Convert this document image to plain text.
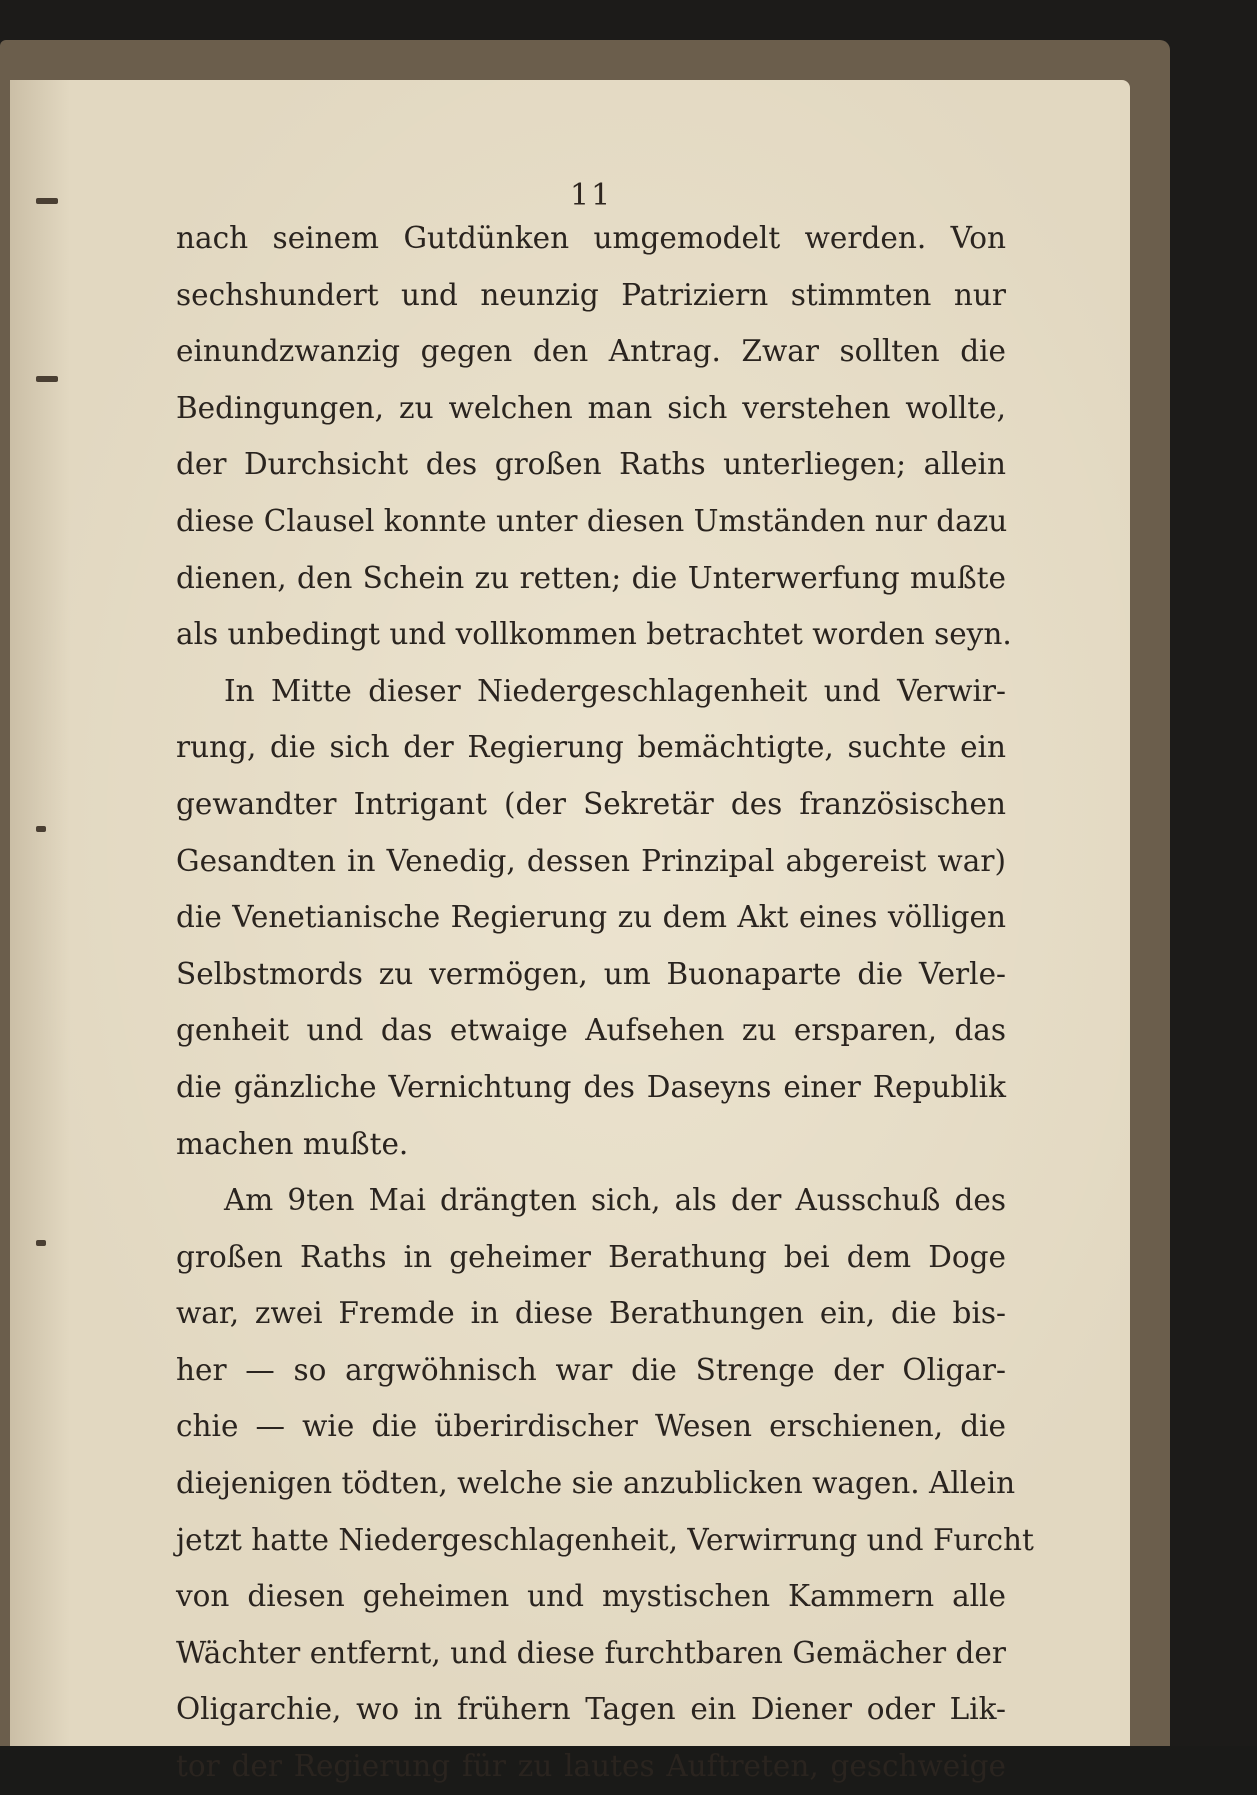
11
nach seinem Gutdünken umgemodelt werden. Von
sechshundert und neunzig Patriziern stimmten nur
einundzwanzig gegen den Antrag. Zwar sollten die
Bedingungen, zu welchen man sich verstehen wollte,
der Durchsicht des großen Raths unterliegen; allein
diese Clausel konnte unter diesen Umständen nur dazu
dienen, den Schein zu retten; die Unterwerfung mußte
als unbedingt und vollkommen betrachtet worden seyn.
In Mitte dieser Niedergeschlagenheit und Verwir-
rung, die sich der Regierung bemächtigte, suchte ein
gewandter Intrigant (der Sekretär des französischen
Gesandten in Venedig, dessen Prinzipal abgereist war)
die Venetianische Regierung zu dem Akt eines völligen
Selbstmords zu vermögen, um Buonaparte die Verle-
genheit und das etwaige Aufsehen zu ersparen, das
die gänzliche Vernichtung des Daseyns einer Republik
machen mußte.
Am 9ten Mai drängten sich, als der Ausschuß des
großen Raths in geheimer Berathung bei dem Doge
war, zwei Fremde in diese Berathungen ein, die bis-
her — so argwöhnisch war die Strenge der Oligar-
chie — wie die überirdischer Wesen erschienen, die
diejenigen tödten, welche sie anzublicken wagen. Allein
jetzt hatte Niedergeschlagenheit, Verwirrung und Furcht
von diesen geheimen und mystischen Kammern alle
Wächter entfernt, und diese furchtbaren Gemächer der
Oligarchie, wo in frühern Tagen ein Diener oder Lik-
tor der Regierung für zu lautes Auftreten, geschweige
